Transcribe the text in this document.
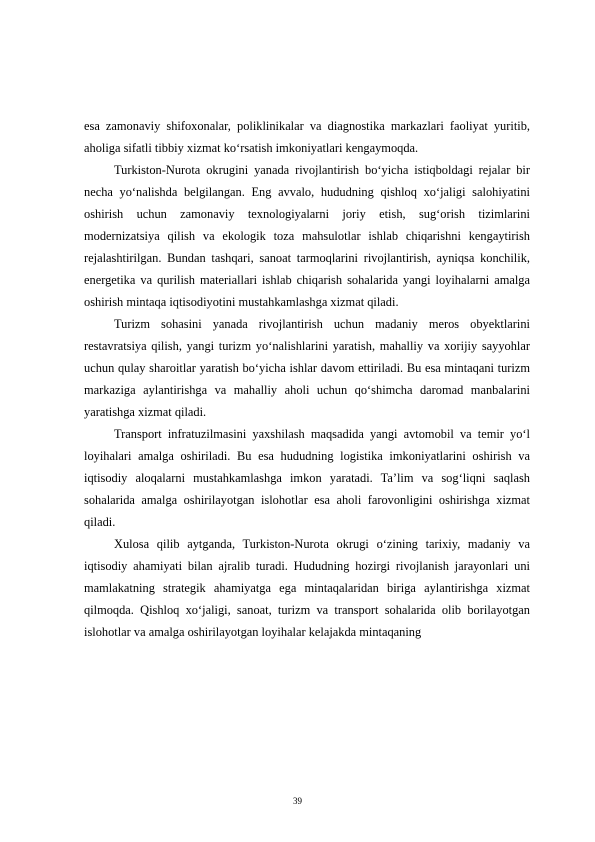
esa zamonaviy shifoxonalar, poliklinikalar va diagnostika markazlari faoliyat yuritib, aholiga sifatli tibbiy xizmat ko‘rsatish imkoniyatlari kengaymoqda.

Turkiston-Nurota okrugini yanada rivojlantirish bo‘yicha istiqboldagi rejalar bir necha yo‘nalishda belgilangan. Eng avvalo, hududning qishloq xo‘jaligi salohiyatini oshirish uchun zamonaviy texnologiyalarni joriy etish, sug‘orish tizimlarini modernizatsiya qilish va ekologik toza mahsulotlar ishlab chiqarishni kengaytirish rejalashtirilgan. Bundan tashqari, sanoat tarmoqlarini rivojlantirish, ayniqsa konchilik, energetika va qurilish materiallari ishlab chiqarish sohalarida yangi loyihalarni amalga oshirish mintaqa iqtisodiyotini mustahkamlashga xizmat qiladi.

Turizm sohasini yanada rivojlantirish uchun madaniy meros obyektlarini restavratsiya qilish, yangi turizm yo‘nalishlarini yaratish, mahalliy va xorijiy sayyohlar uchun qulay sharoitlar yaratish bo‘yicha ishlar davom ettiriladi. Bu esa mintaqani turizm markaziga aylantirishga va mahalliy aholi uchun qo‘shimcha daromad manbalarini yaratishga xizmat qiladi.

Transport infratuzilmasini yaxshilash maqsadida yangi avtomobil va temir yo‘l loyihalari amalga oshiriladi. Bu esa hududning logistika imkoniyatlarini oshirish va iqtisodiy aloqalarni mustahkamlashga imkon yaratadi. Ta’lim va sog‘liqni saqlash sohalarida amalga oshirilayotgan islohotlar esa aholi farovonligini oshirishga xizmat qiladi.

Xulosa qilib aytganda, Turkiston-Nurota okrugi o‘zining tarixiy, madaniy va iqtisodiy ahamiyati bilan ajralib turadi. Hududning hozirgi rivojlanish jarayonlari uni mamlakatning strategik ahamiyatga ega mintaqalaridan biriga aylantirishga xizmat qilmoqda. Qishloq xo‘jaligi, sanoat, turizm va transport sohalarida olib borilayotgan islohotlar va amalga oshirilayotgan loyihalar kelajakda mintaqaning

39
